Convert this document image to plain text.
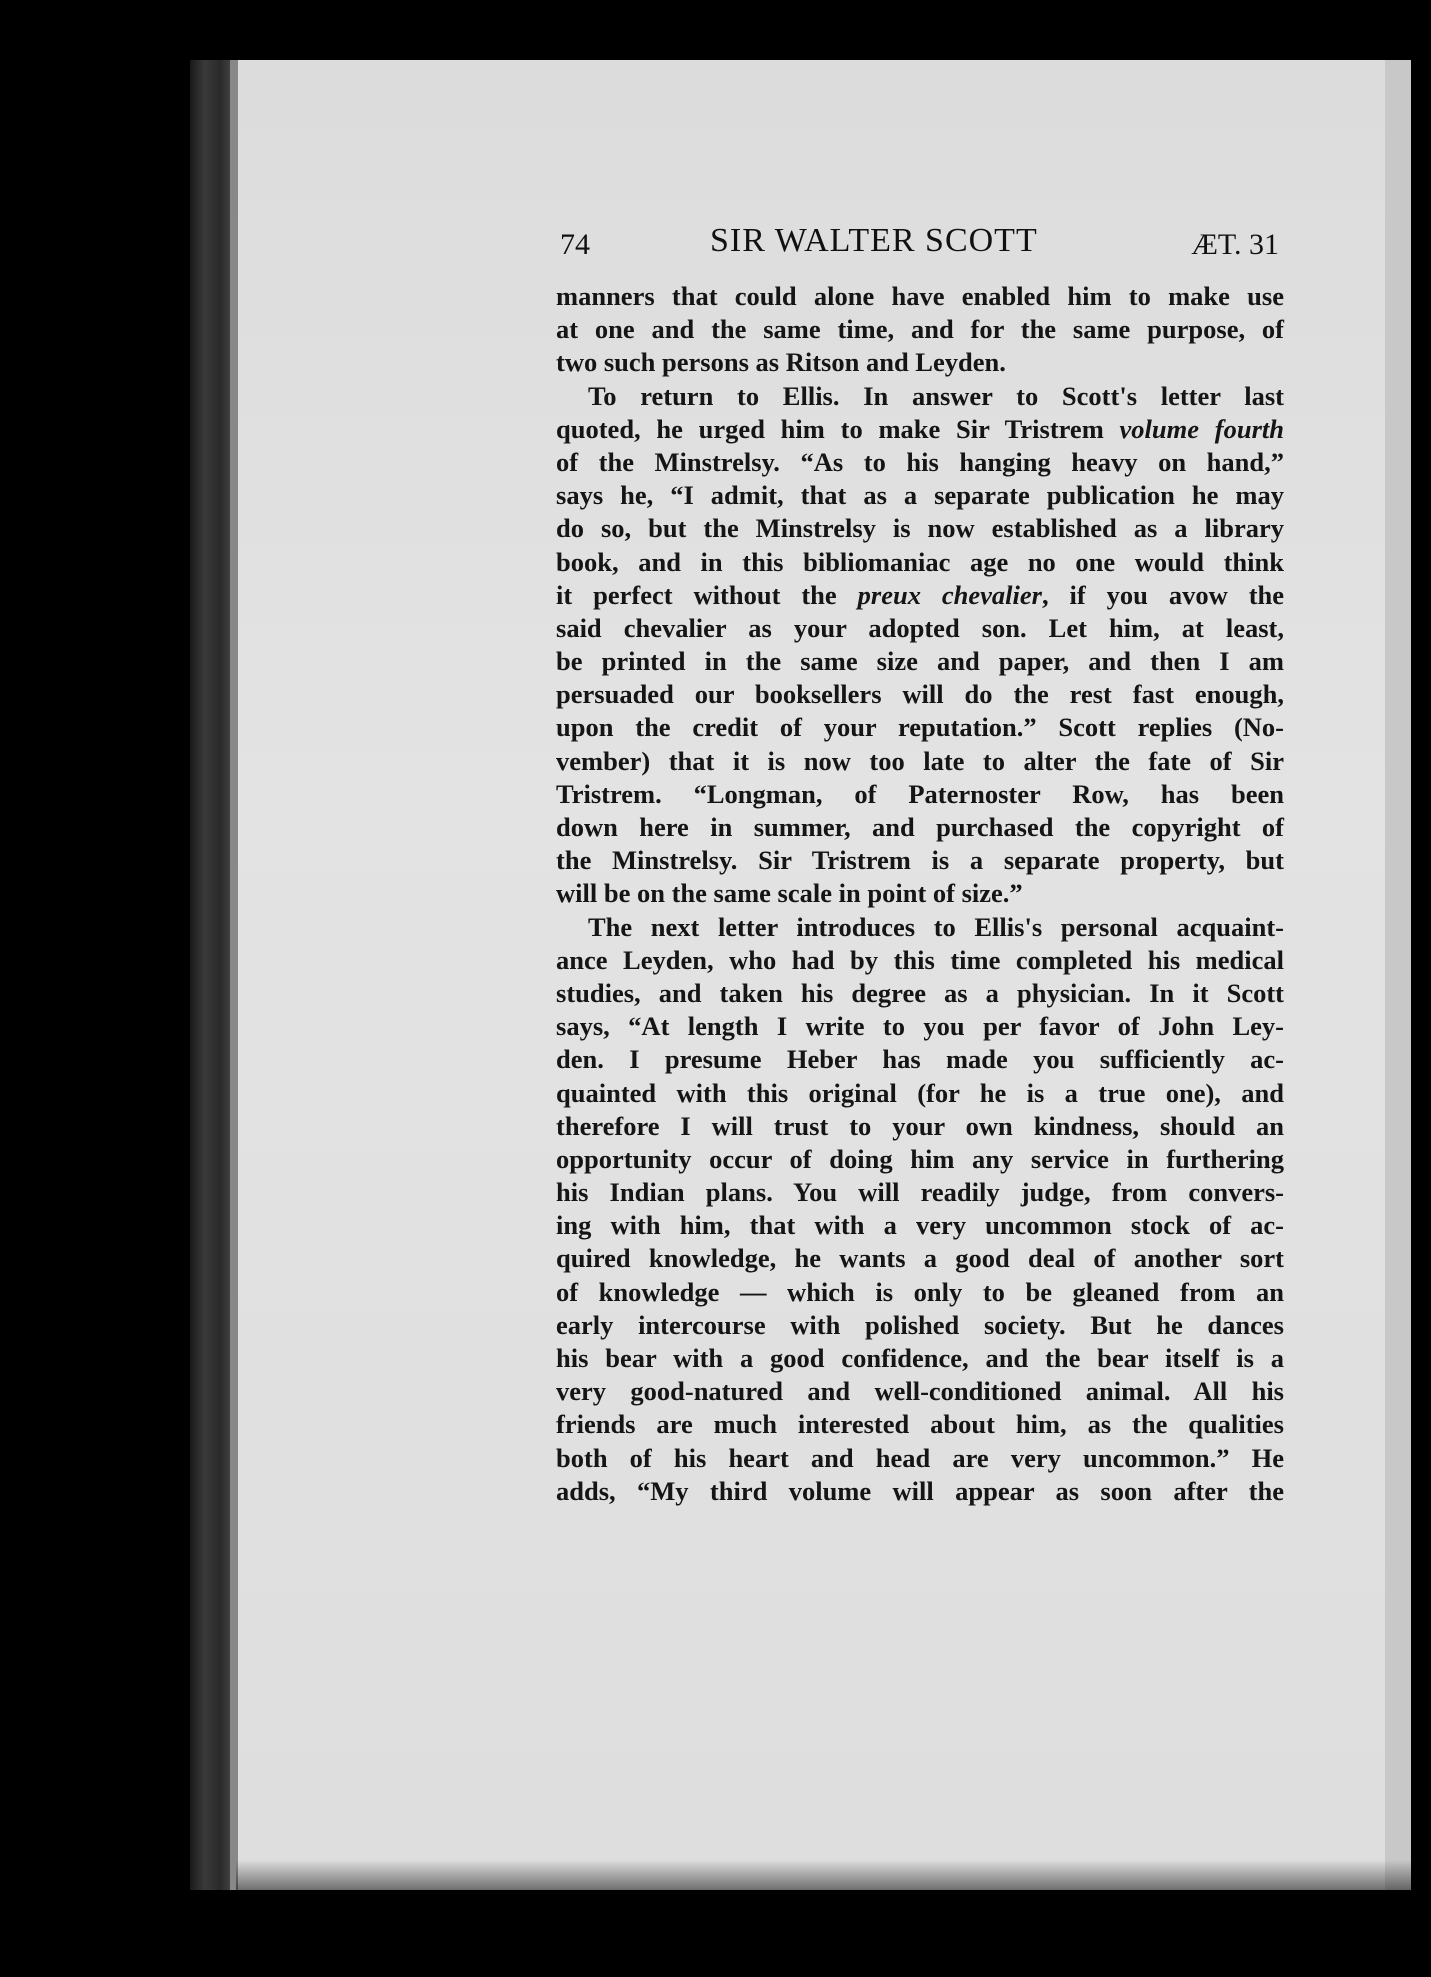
74	SIR WALTER SCOTT	ÆT. 31
manners that could alone have enabled him to make use
at one and the same time, and for the same purpose, of
two such persons as Ritson and Leyden.
To return to Ellis. In answer to Scott's letter last
quoted, he urged him to make Sir Tristrem volume fourth
of the Minstrelsy. “As to his hanging heavy on hand,”
says he, “I admit, that as a separate publication he may
do so, but the Minstrelsy is now established as a library
book, and in this bibliomaniac age no one would think
it perfect without the preux chevalier, if you avow the
said chevalier as your adopted son. Let him, at least,
be printed in the same size and paper, and then I am
persuaded our booksellers will do the rest fast enough,
upon the credit of your reputation.” Scott replies (No-
vember) that it is now too late to alter the fate of Sir
Tristrem. “Longman, of Paternoster Row, has been
down here in summer, and purchased the copyright of
the Minstrelsy. Sir Tristrem is a separate property, but
will be on the same scale in point of size.”
The next letter introduces to Ellis's personal acquaint-
ance Leyden, who had by this time completed his medical
studies, and taken his degree as a physician. In it Scott
says, “At length I write to you per favor of John Ley-
den. I presume Heber has made you sufficiently ac-
quainted with this original (for he is a true one), and
therefore I will trust to your own kindness, should an
opportunity occur of doing him any service in furthering
his Indian plans. You will readily judge, from convers-
ing with him, that with a very uncommon stock of ac-
quired knowledge, he wants a good deal of another sort
of knowledge — which is only to be gleaned from an
early intercourse with polished society. But he dances
his bear with a good confidence, and the bear itself is a
very good-natured and well-conditioned animal. All his
friends are much interested about him, as the qualities
both of his heart and head are very uncommon.” He
adds, “My third volume will appear as soon after the
